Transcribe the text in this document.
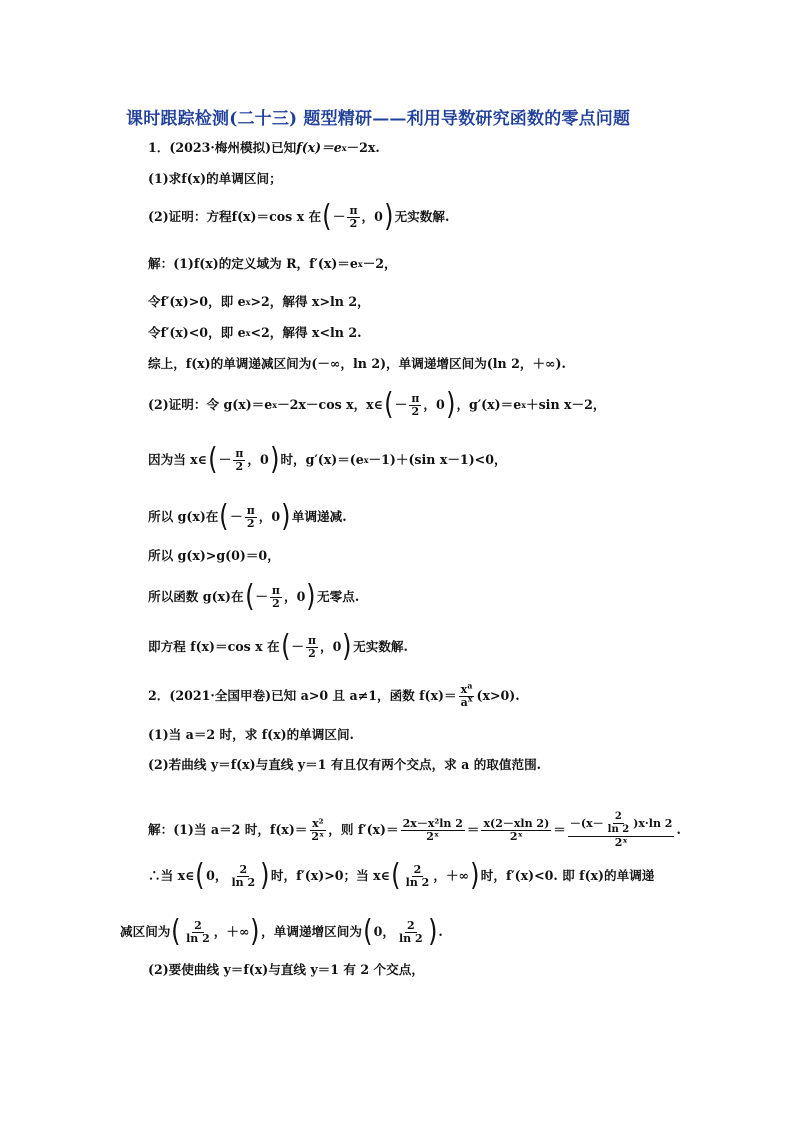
课时跟踪检测(二十三) 题型精研——利用导数研究函数的零点问题
1．(2023·梅州模拟)已知 f(x)＝e x －2x.
(1)求f(x)的单调区间；
(2)证明：方程f(x)＝cos x 在 ( － $\frac{\pi}{2}$ ， 0 ) 无实数解.
解：(1)f(x)的定义域为 R，f′(x)＝e x －2，
令f′(x)>0，即 e x >2，解得 x>ln 2，
令f′(x)<0，即 e x <2，解得 x<ln 2.
综上，f(x)的单调递减区间为(－∞，ln 2)，单调递增区间为(ln 2，＋∞).
(2)证明：令 g(x)＝e x －2x－cos x，x∈ ( － $\frac{\pi}{2}$ ， 0 ) ，g′(x)＝e x ＋sin x－2，
因为当 x∈ ( － $\frac{\pi}{2}$ ， 0 ) 时，g′(x)＝(e x －1)＋(sin x－1)<0，
所以 g(x)在 ( － $\frac{\pi}{2}$ ， 0 ) 单调递减.
所以 g(x)>g(0)＝0，
所以函数 g(x)在 ( － $\frac{\pi}{2}$ ， 0 ) 无零点.
即方程 f(x)＝cos x 在 ( － $\frac{\pi}{2}$ ， 0 ) 无实数解.
2．(2021·全国甲卷)已知 a>0 且 a≠1，函数 $f(x)= \frac{x^a}{a^x} (x>0)$.
(1)当 a＝2 时，求 f(x)的单调区间.
(2)若曲线 y＝f(x)与直线 y＝1 有且仅有两个交点，求 a 的取值范围.
解：(1)当 a＝2 时，$f(x)= \frac{\text{x²}}{\text{2ˣ}}$ ，则 $f'(x)= \frac{\text{2x－x²ln 2}}{\text{2ˣ}} = \frac{x(2-xln 2)}{\text{2ˣ}} = \frac{-(x- \frac{2}{\ln 2} )x\cdot\ln 2}{\text{2ˣ}}$ .
∴当 x∈ ( 0 ， $\frac{2}{\ln 2}$ ) 时，f′(x)>0；当 x∈ ( $\frac{2}{\ln 2}$ ， ＋∞ ) 时，f′(x)<0. 即 f(x)的单调递
减区间为 ( $\frac{2}{\ln 2}$ ， ＋∞ ) ，单调递增区间为 ( 0 ， $\frac{2}{\ln 2}$ ) .
(2)要使曲线 y＝f(x)与直线 y＝1 有 2 个交点，
